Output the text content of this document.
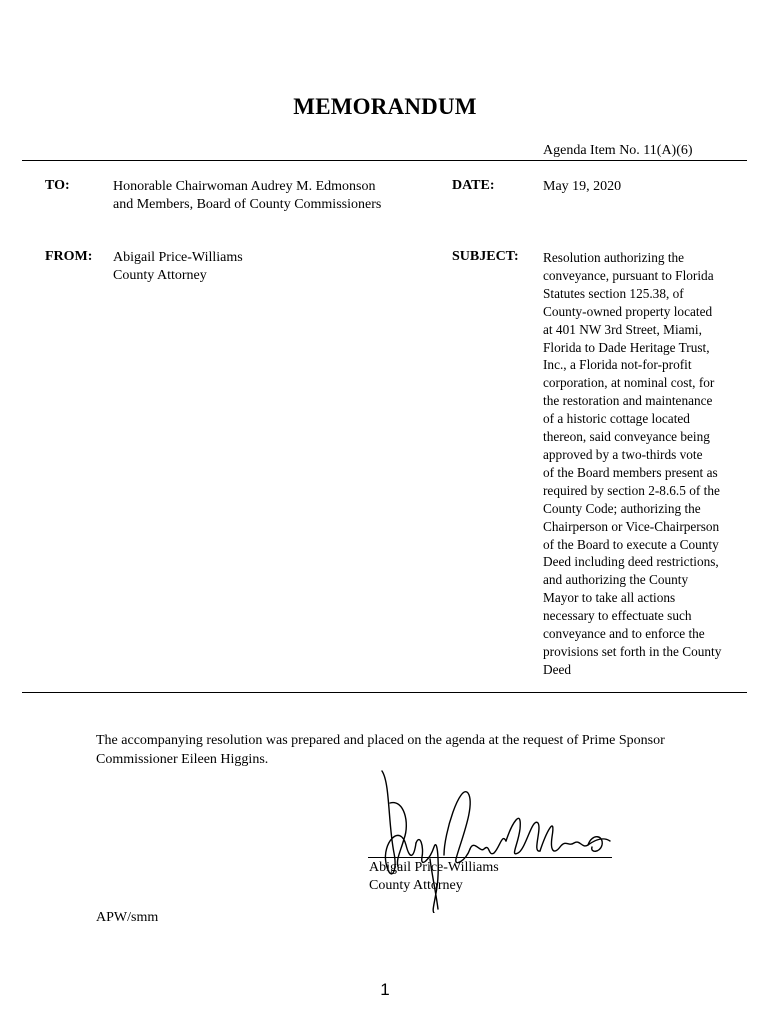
MEMORANDUM
Agenda Item No. 11(A)(6)
TO:	Honorable Chairwoman Audrey M. Edmonson
and Members, Board of County Commissioners
DATE:	May 19, 2020
FROM: Abigail Price-Williams
County Attorney
SUBJECT: Resolution authorizing the
conveyance, pursuant to Florida
Statutes section 125.38, of
County-owned property located
at 401 NW 3rd Street, Miami,
Florida to Dade Heritage Trust,
Inc., a Florida not-for-profit
corporation, at nominal cost, for
the restoration and maintenance
of a historic cottage located
thereon, said conveyance being
approved by a two-thirds vote
of the Board members present as
required by section 2-8.6.5 of the
County Code; authorizing the
Chairperson or Vice-Chairperson
of the Board to execute a County
Deed including deed restrictions,
and authorizing the County
Mayor to take all actions
necessary to effectuate such
conveyance and to enforce the
provisions set forth in the County
Deed
The accompanying resolution was prepared and placed on the agenda at the request of Prime Sponsor
Commissioner Eileen Higgins.
Abigail Price-Williams
County Attorney
APW/smm
1
